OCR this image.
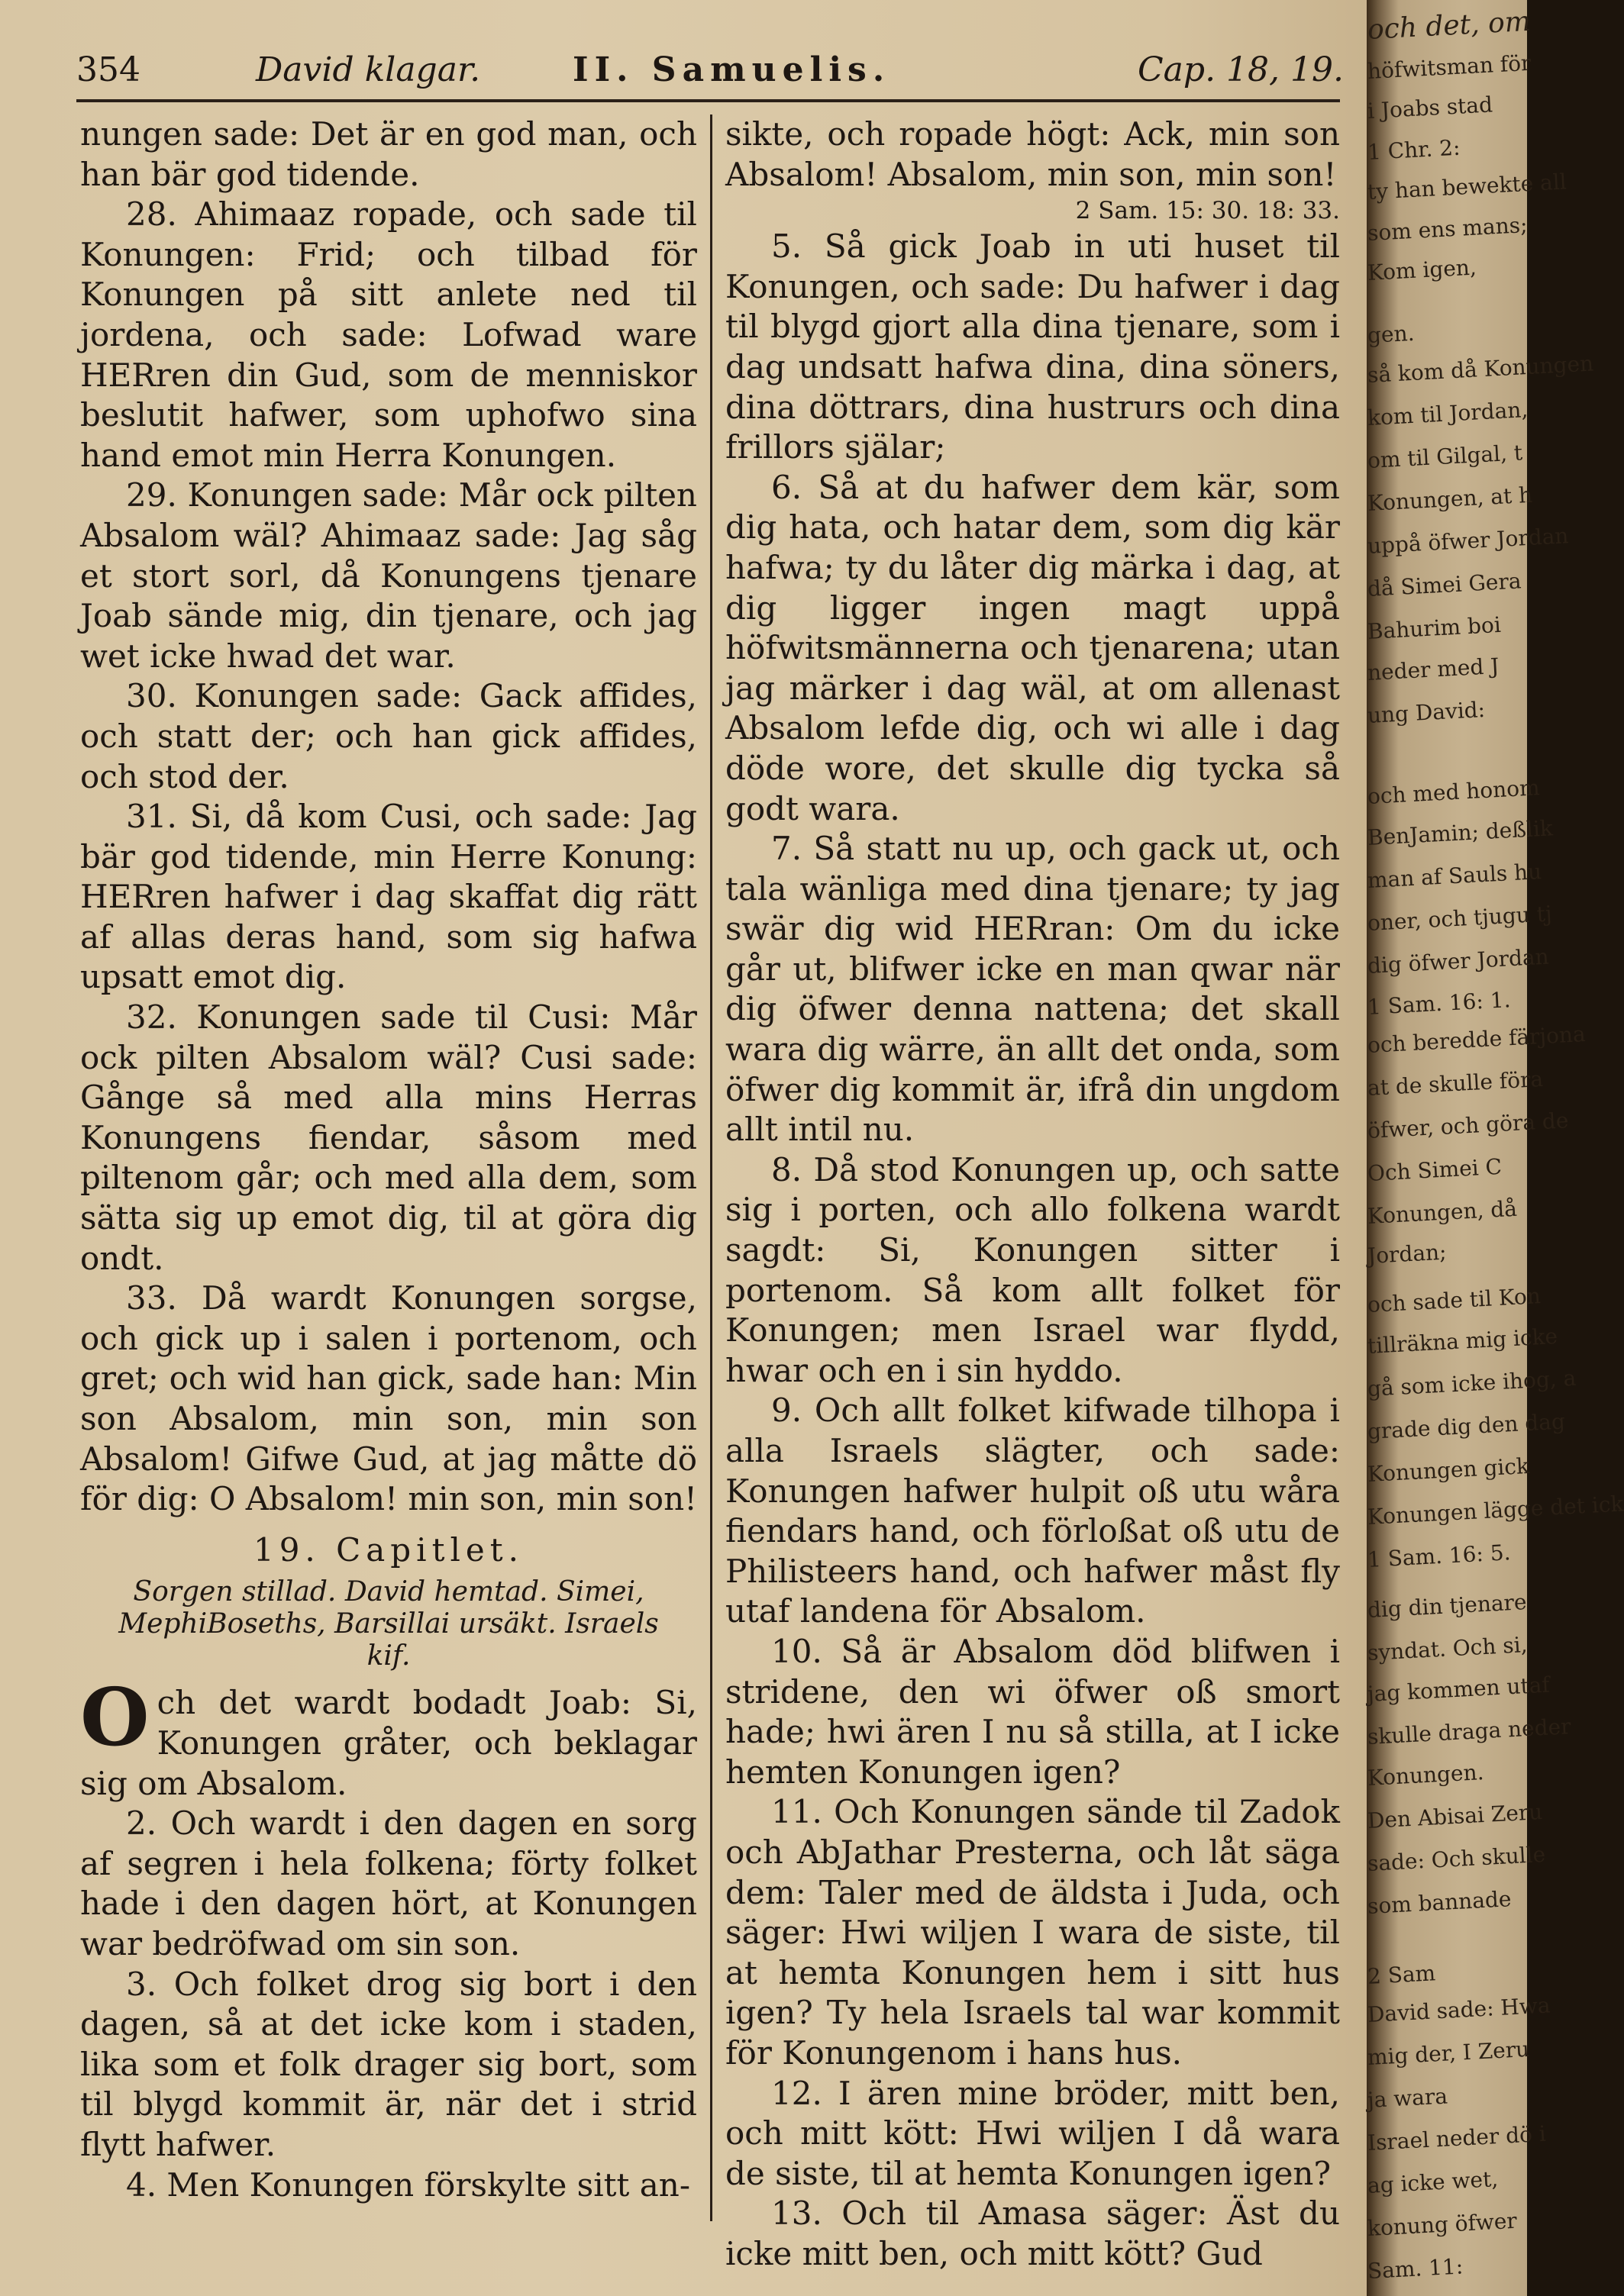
354	David klagar.	II. Samuelis.	Cap. 18, 19.

nungen sade: Det är en god man, och han bär god tidende.

28. Ahimaaz ropade, och sade til Konungen: Frid; och tilbad för Konungen på sitt anlete ned til jordena, och sade: Lofwad ware HERren din Gud, som de menniskor beslutit hafwer, som uphofwo sina hand emot min Herra Konungen.

29. Konungen sade: Mår ock pilten Absalom wäl? Ahimaaz sade: Jag såg et stort sorl, då Konungens tjenare Joab sände mig, din tjenare, och jag wet icke hwad det war.

30. Konungen sade: Gack affides, och statt der; och han gick affides, och stod der.

31. Si, då kom Cusi, och sade: Jag bär god tidende, min Herre Konung: HERren hafwer i dag skaffat dig rätt af allas deras hand, som sig hafwa upsatt emot dig.

32. Konungen sade til Cusi: Mår ock pilten Absalom wäl? Cusi sade: Gånge så med alla mins Herras Konungens fiendar, såsom med piltenom går; och med alla dem, som sätta sig up emot dig, til at göra dig ondt.

33. Då wardt Konungen sorgse, och gick up i salen i portenom, och gret; och wid han gick, sade han: Min son Absalom, min son, min son Absalom! Gifwe Gud, at jag måtte dö för dig: O Absalom! min son, min son!

19. Capitlet.

Sorgen stillad. David hemtad. Simei, MephiBoseths, Barsillai ursäkt. Israels kif.

Och det wardt bodadt Joab: Si, Konungen gråter, och beklagar sig om Absalom.

2. Och wardt i den dagen en sorg af segren i hela folkena; förty folket hade i den dagen hört, at Konungen war bedröfwad om sin son.

3. Och folket drog sig bort i den dagen, så at det icke kom i staden, lika som et folk drager sig bort, som til blygd kommit är, när det i strid flytt hafwer.

4. Men Konungen förskylte sitt an-

sikte, och ropade högt: Ack, min son Absalom! Absalom, min son, min son!

2 Sam. 15: 30. 18: 33.

5. Så gick Joab in uti huset til Konungen, och sade: Du hafwer i dag til blygd gjort alla dina tjenare, som i dag undsatt hafwa dina, dina söners, dina döttrars, dina hustrurs och dina frillors själar;

6. Så at du hafwer dem kär, som dig hata, och hatar dem, som dig kär hafwa; ty du låter dig märka i dag, at dig ligger ingen magt uppå höfwitsmännerna och tjenarena; utan jag märker i dag wäl, at om allenast Absalom lefde dig, och wi alle i dag döde wore, det skulle dig tycka så godt wara.

7. Så statt nu up, och gack ut, och tala wänliga med dina tjenare; ty jag swär dig wid HERran: Om du icke går ut, blifwer icke en man qwar när dig öfwer denna nattena; det skall wara dig wärre, än allt det onda, som öfwer dig kommit är, ifrå din ungdom allt intil nu.

8. Då stod Konungen up, och satte sig i porten, och allo folkena wardt sagdt: Si, Konungen sitter i portenom. Så kom allt folket för Konungen; men Israel war flydd, hwar och en i sin hyddo.

9. Och allt folket kifwade tilhopa i alla Israels slägter, och sade: Konungen hafwer hulpit oß utu wåra fiendars hand, och förloßat oß utu de Philisteers hand, och hafwer måst fly utaf landena för Absalom.

10. Så är Absalom död blifwen i stridene, den wi öfwer oß smort hade; hwi ären I nu så stilla, at I icke hemten Konungen igen?

11. Och Konungen sände til Zadok och AbJathar Presterna, och låt säga dem: Taler med de äldsta i Juda, och säger: Hwi wiljen I wara de siste, til at hemta Konungen hem i sitt hus igen? Ty hela Israels tal war kommit för Konungenom i hans hus.

12. I ären mine bröder, mitt ben, och mitt kött: Hwi wiljen I då wara de siste, til at hemta Konungen igen?

13. Och til Amasa säger: Äst du icke mitt ben, och mitt kött? Gud

och det, om
höfwitsman för
i Joabs stad
1 Chr. 2:
ty han bewekte all
som ens mans;
Kom igen,
gen.
så kom då Konungen
kom til Jordan,
om til Gilgal, t
Konungen, at h
uppå öfwer Jordan
då Simei Gera
Bahurim boi
neder med J
ung David:
och med honom
BenJamin; deßlik
man af Sauls hu
oner, och tjugu tj
dig öfwer Jordan
1 Sam. 16: 1.
och beredde färjona
at de skulle föra
öfwer, och göra de
Och Simei C
Konungen, då
Jordan;
och sade til Kon
tillräkna mig icke
gå som icke ihog, a
grade dig den dag
Konungen gick
Konungen lägge det ick
1 Sam. 16: 5.
dig din tjenare
syndat. Och si,
jag kommen utaf
skulle draga neder
Konungen.
Den Abisai Zeru
sade: Och skulle
som bannade
2 Sam
David sade: Hwa
mig der, I Zeru
ja wara
Israel neder dö i
ag icke wet,
konung öfwer
Sam. 11:
